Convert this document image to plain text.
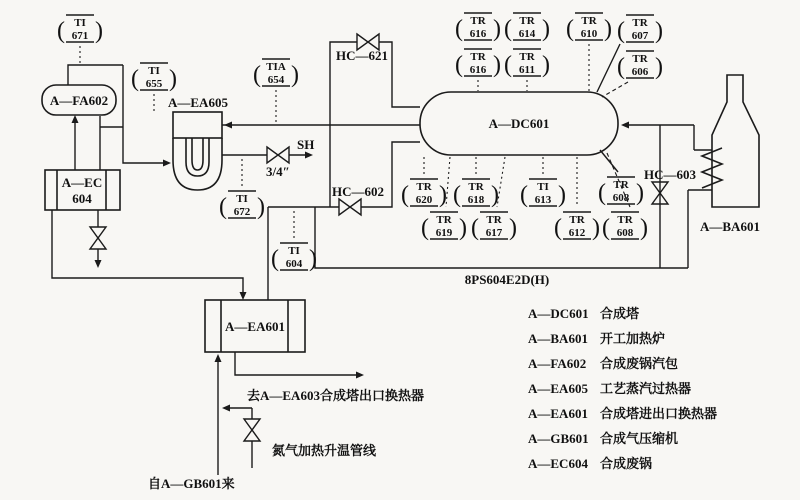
A—DC601
A—FA602	A—EA605
A—EC
604
A—EA601
A—BA601
HC—621
3/4″
SH
HC—602
HC—603
( )
TI
671
( )
TI
655	( )
TIA
654
( )
TI
672
( )
TI
604
( )
TR
616 ( )
TR
614 ( )
TR
610 ( )
TR
607
( )
TR
616 ( )
TR
611	( )
TR
606
( )
TR
620 ( )
TR
618 ( )
TI
613 ( )
TR
608
( )
TR
619 ( )
TR
617 ( )
TR
612 ( )
TR
608
8PS604E2D(H)
去A—EA603合成塔出口换热器
氮气加热升温管线
自A—GB601来
A—DC601 合成塔
A—BA601 开工加热炉
A—FA602 合成废锅汽包
A—EA605 工艺蒸汽过热器
A—EA601 合成塔进出口换热器
A—GB601 合成气压缩机
A—EC604 合成废锅
